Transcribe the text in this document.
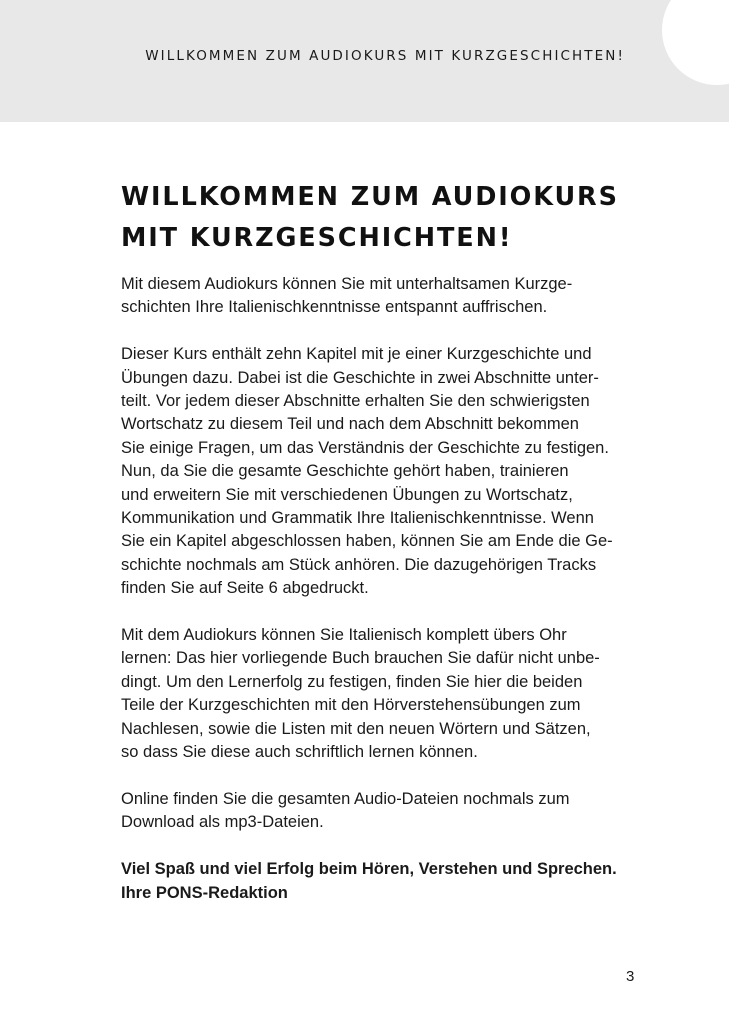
WILLKOMMEN ZUM AUDIOKURS MIT KURZGESCHICHTEN!
WILLKOMMEN ZUM AUDIOKURS
MIT KURZGESCHICHTEN!

Mit diesem Audiokurs können Sie mit unterhaltsamen Kurzge-
schichten Ihre Italienischkenntnisse entspannt auffrischen.

Dieser Kurs enthält zehn Kapitel mit je einer Kurzgeschichte und
Übungen dazu. Dabei ist die Geschichte in zwei Abschnitte unter-
teilt. Vor jedem dieser Abschnitte erhalten Sie den schwierigsten
Wortschatz zu diesem Teil und nach dem Abschnitt bekommen
Sie einige Fragen, um das Verständnis der Geschichte zu festigen.
Nun, da Sie die gesamte Geschichte gehört haben, trainieren
und erweitern Sie mit verschiedenen Übungen zu Wortschatz,
Kommunikation und Grammatik Ihre Italienischkenntnisse. Wenn
Sie ein Kapitel abgeschlossen haben, können Sie am Ende die Ge-
schichte nochmals am Stück anhören. Die dazugehörigen Tracks
finden Sie auf Seite 6 abgedruckt.

Mit dem Audiokurs können Sie Italienisch komplett übers Ohr
lernen: Das hier vorliegende Buch brauchen Sie dafür nicht unbe-
dingt. Um den Lernerfolg zu festigen, finden Sie hier die beiden
Teile der Kurzgeschichten mit den Hörverstehensübungen zum
Nachlesen, sowie die Listen mit den neuen Wörtern und Sätzen,
so dass Sie diese auch schriftlich lernen können.

Online finden Sie die gesamten Audio-Dateien nochmals zum
Download als mp3-Dateien.

Viel Spaß und viel Erfolg beim Hören, Verstehen und Sprechen.
Ihre PONS-Redaktion

3
